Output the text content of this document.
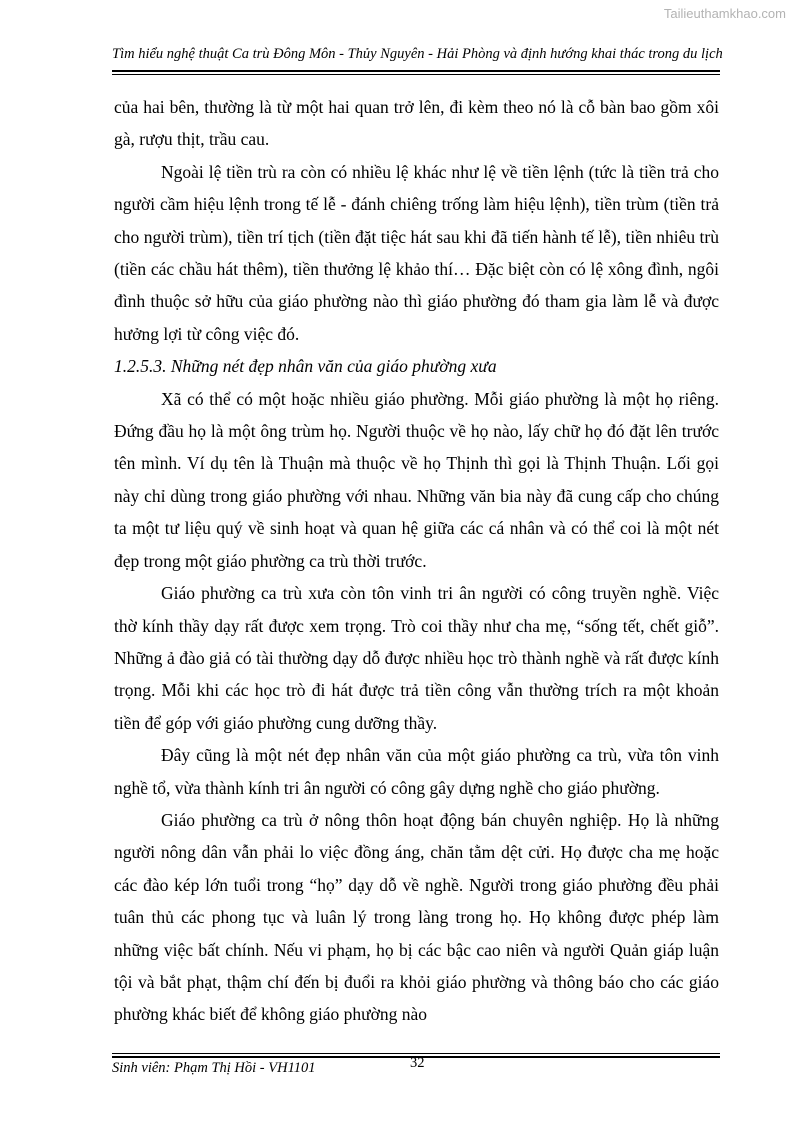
Tailieuthamkhao.com
Tìm hiểu nghệ thuật Ca trù Đông Môn - Thủy Nguyên - Hải Phòng và định hướng khai thác trong du lịch

của hai bên, thường là từ một hai quan trở lên, đi kèm theo nó là cỗ bàn bao gồm xôi gà, rượu thịt, trầu cau.

Ngoài lệ tiền trù ra còn có nhiều lệ khác như lệ về tiền lệnh (tức là tiền trả cho người cầm hiệu lệnh trong tế lễ - đánh chiêng trống làm hiệu lệnh), tiền trùm (tiền trả cho người trùm), tiền trí tịch (tiền đặt tiệc hát sau khi đã tiến hành tế lễ), tiền nhiêu trù (tiền các chầu hát thêm), tiền thưởng lệ khảo thí… Đặc biệt còn có lệ xông đình, ngôi đình thuộc sở hữu của giáo phường nào thì giáo phường đó tham gia làm lễ và được hưởng lợi từ công việc đó.

1.2.5.3. Những nét đẹp nhân văn của giáo phường xưa

Xã có thể có một hoặc nhiều giáo phường. Mỗi giáo phường là một họ riêng. Đứng đầu họ là một ông trùm họ. Người thuộc về họ nào, lấy chữ họ đó đặt lên trước tên mình. Ví dụ tên là Thuận mà thuộc về họ Thịnh thì gọi là Thịnh Thuận. Lối gọi này chỉ dùng trong giáo phường với nhau. Những văn bia này đã cung cấp cho chúng ta một tư liệu quý về sinh hoạt và quan hệ giữa các cá nhân và có thể coi là một nét đẹp trong một giáo phường ca trù thời trước.

Giáo phường ca trù xưa còn tôn vinh tri ân người có công truyền nghề. Việc thờ kính thầy dạy rất được xem trọng. Trò coi thầy như cha mẹ, “sống tết, chết giỗ”. Những ả đào giả có tài thường dạy dỗ được nhiều học trò thành nghề và rất được kính trọng. Mỗi khi các học trò đi hát được trả tiền công vẫn thường trích ra một khoản tiền để góp với giáo phường cung dưỡng thầy.

Đây cũng là một nét đẹp nhân văn của một giáo phường ca trù, vừa tôn vinh nghề tổ, vừa thành kính tri ân người có công gây dựng nghề cho giáo phường.

Giáo phường ca trù ở nông thôn hoạt động bán chuyên nghiệp. Họ là những người nông dân vẫn phải lo việc đồng áng, chăn tằm dệt cửi. Họ được cha mẹ hoặc các đào kép lớn tuổi trong “họ” dạy dỗ về nghề. Người trong giáo phường đều phải tuân thủ các phong tục và luân lý trong làng trong họ. Họ không được phép làm những việc bất chính. Nếu vi phạm, họ bị các bậc cao niên và người Quản giáp luận tội và bắt phạt, thậm chí đến bị đuổi ra khỏi giáo phường và thông báo cho các giáo phường khác biết để không giáo phường nào

Sinh viên: Phạm Thị Hồi - VH1101	32
